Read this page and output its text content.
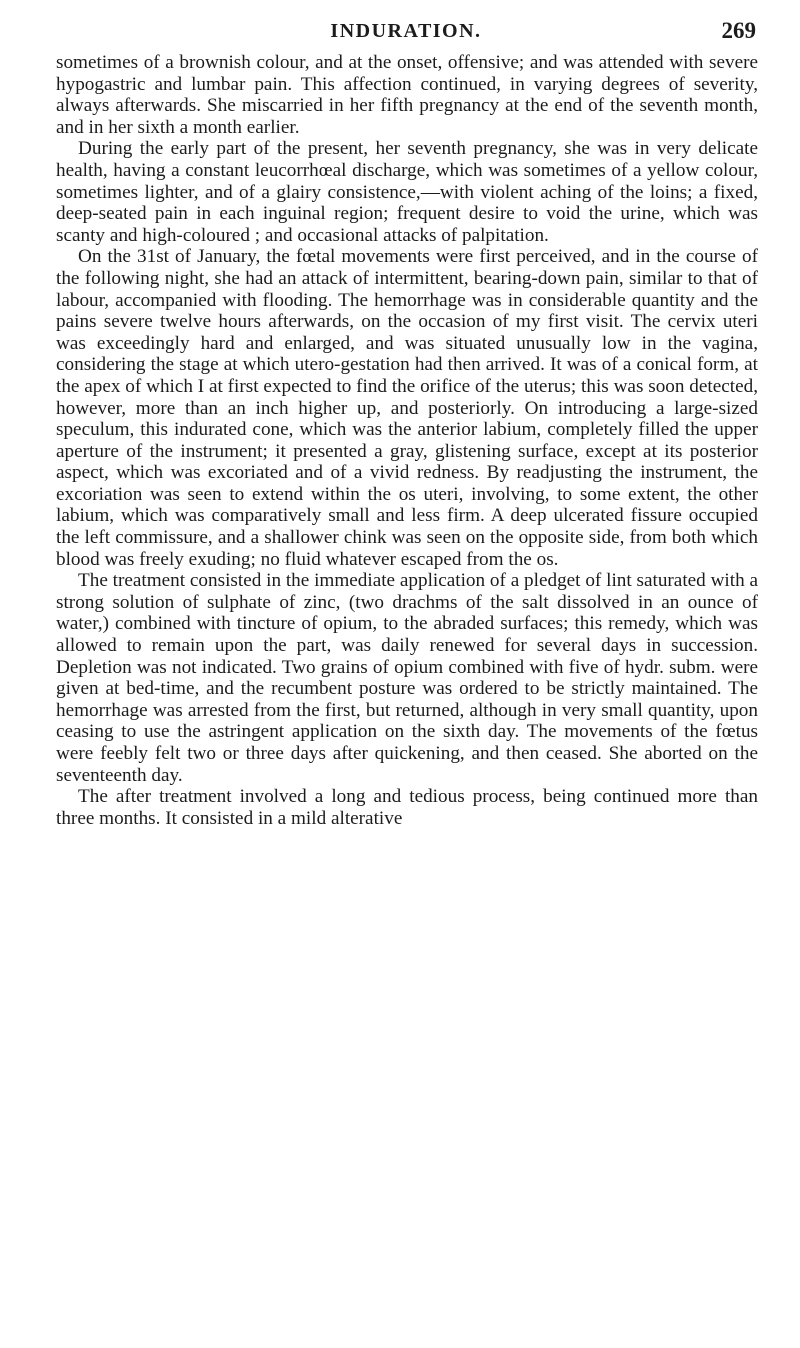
INDURATION.	269

sometimes of a brownish colour, and at the onset, offensive; and was attended with severe hypogastric and lumbar pain. This affection continued, in varying degrees of severity, always afterwards. She miscarried in her fifth pregnancy at the end of the seventh month, and in her sixth a month earlier.

During the early part of the present, her seventh pregnancy, she was in very delicate health, having a constant leucorrhœal discharge, which was sometimes of a yellow colour, sometimes lighter, and of a glairy consistence,—with violent aching of the loins; a fixed, deep-seated pain in each inguinal region; frequent desire to void the urine, which was scanty and high-coloured ; and occasional attacks of palpitation.

On the 31st of January, the fœtal movements were first perceived, and in the course of the following night, she had an attack of intermittent, bearing-down pain, similar to that of labour, accompanied with flooding. The hemorrhage was in considerable quantity and the pains severe twelve hours afterwards, on the occasion of my first visit. The cervix uteri was exceedingly hard and enlarged, and was situated unusually low in the vagina, considering the stage at which utero-gestation had then arrived. It was of a conical form, at the apex of which I at first expected to find the orifice of the uterus; this was soon detected, however, more than an inch higher up, and posteriorly. On introducing a large-sized speculum, this indurated cone, which was the anterior labium, completely filled the upper aperture of the instrument; it presented a gray, glistening surface, except at its posterior aspect, which was excoriated and of a vivid redness. By readjusting the instrument, the excoriation was seen to extend within the os uteri, involving, to some extent, the other labium, which was comparatively small and less firm. A deep ulcerated fissure occupied the left commissure, and a shallower chink was seen on the opposite side, from both which blood was freely exuding; no fluid whatever escaped from the os.

The treatment consisted in the immediate application of a pledget of lint saturated with a strong solution of sulphate of zinc, (two drachms of the salt dissolved in an ounce of water,) combined with tincture of opium, to the abraded surfaces; this remedy, which was allowed to remain upon the part, was daily renewed for several days in succession. Depletion was not indicated. Two grains of opium combined with five of hydr. subm. were given at bed-time, and the recumbent posture was ordered to be strictly maintained. The hemorrhage was arrested from the first, but returned, although in very small quantity, upon ceasing to use the astringent application on the sixth day. The movements of the fœtus were feebly felt two or three days after quickening, and then ceased. She aborted on the seventeenth day.

The after treatment involved a long and tedious process, being continued more than three months. It consisted in a mild alterative
